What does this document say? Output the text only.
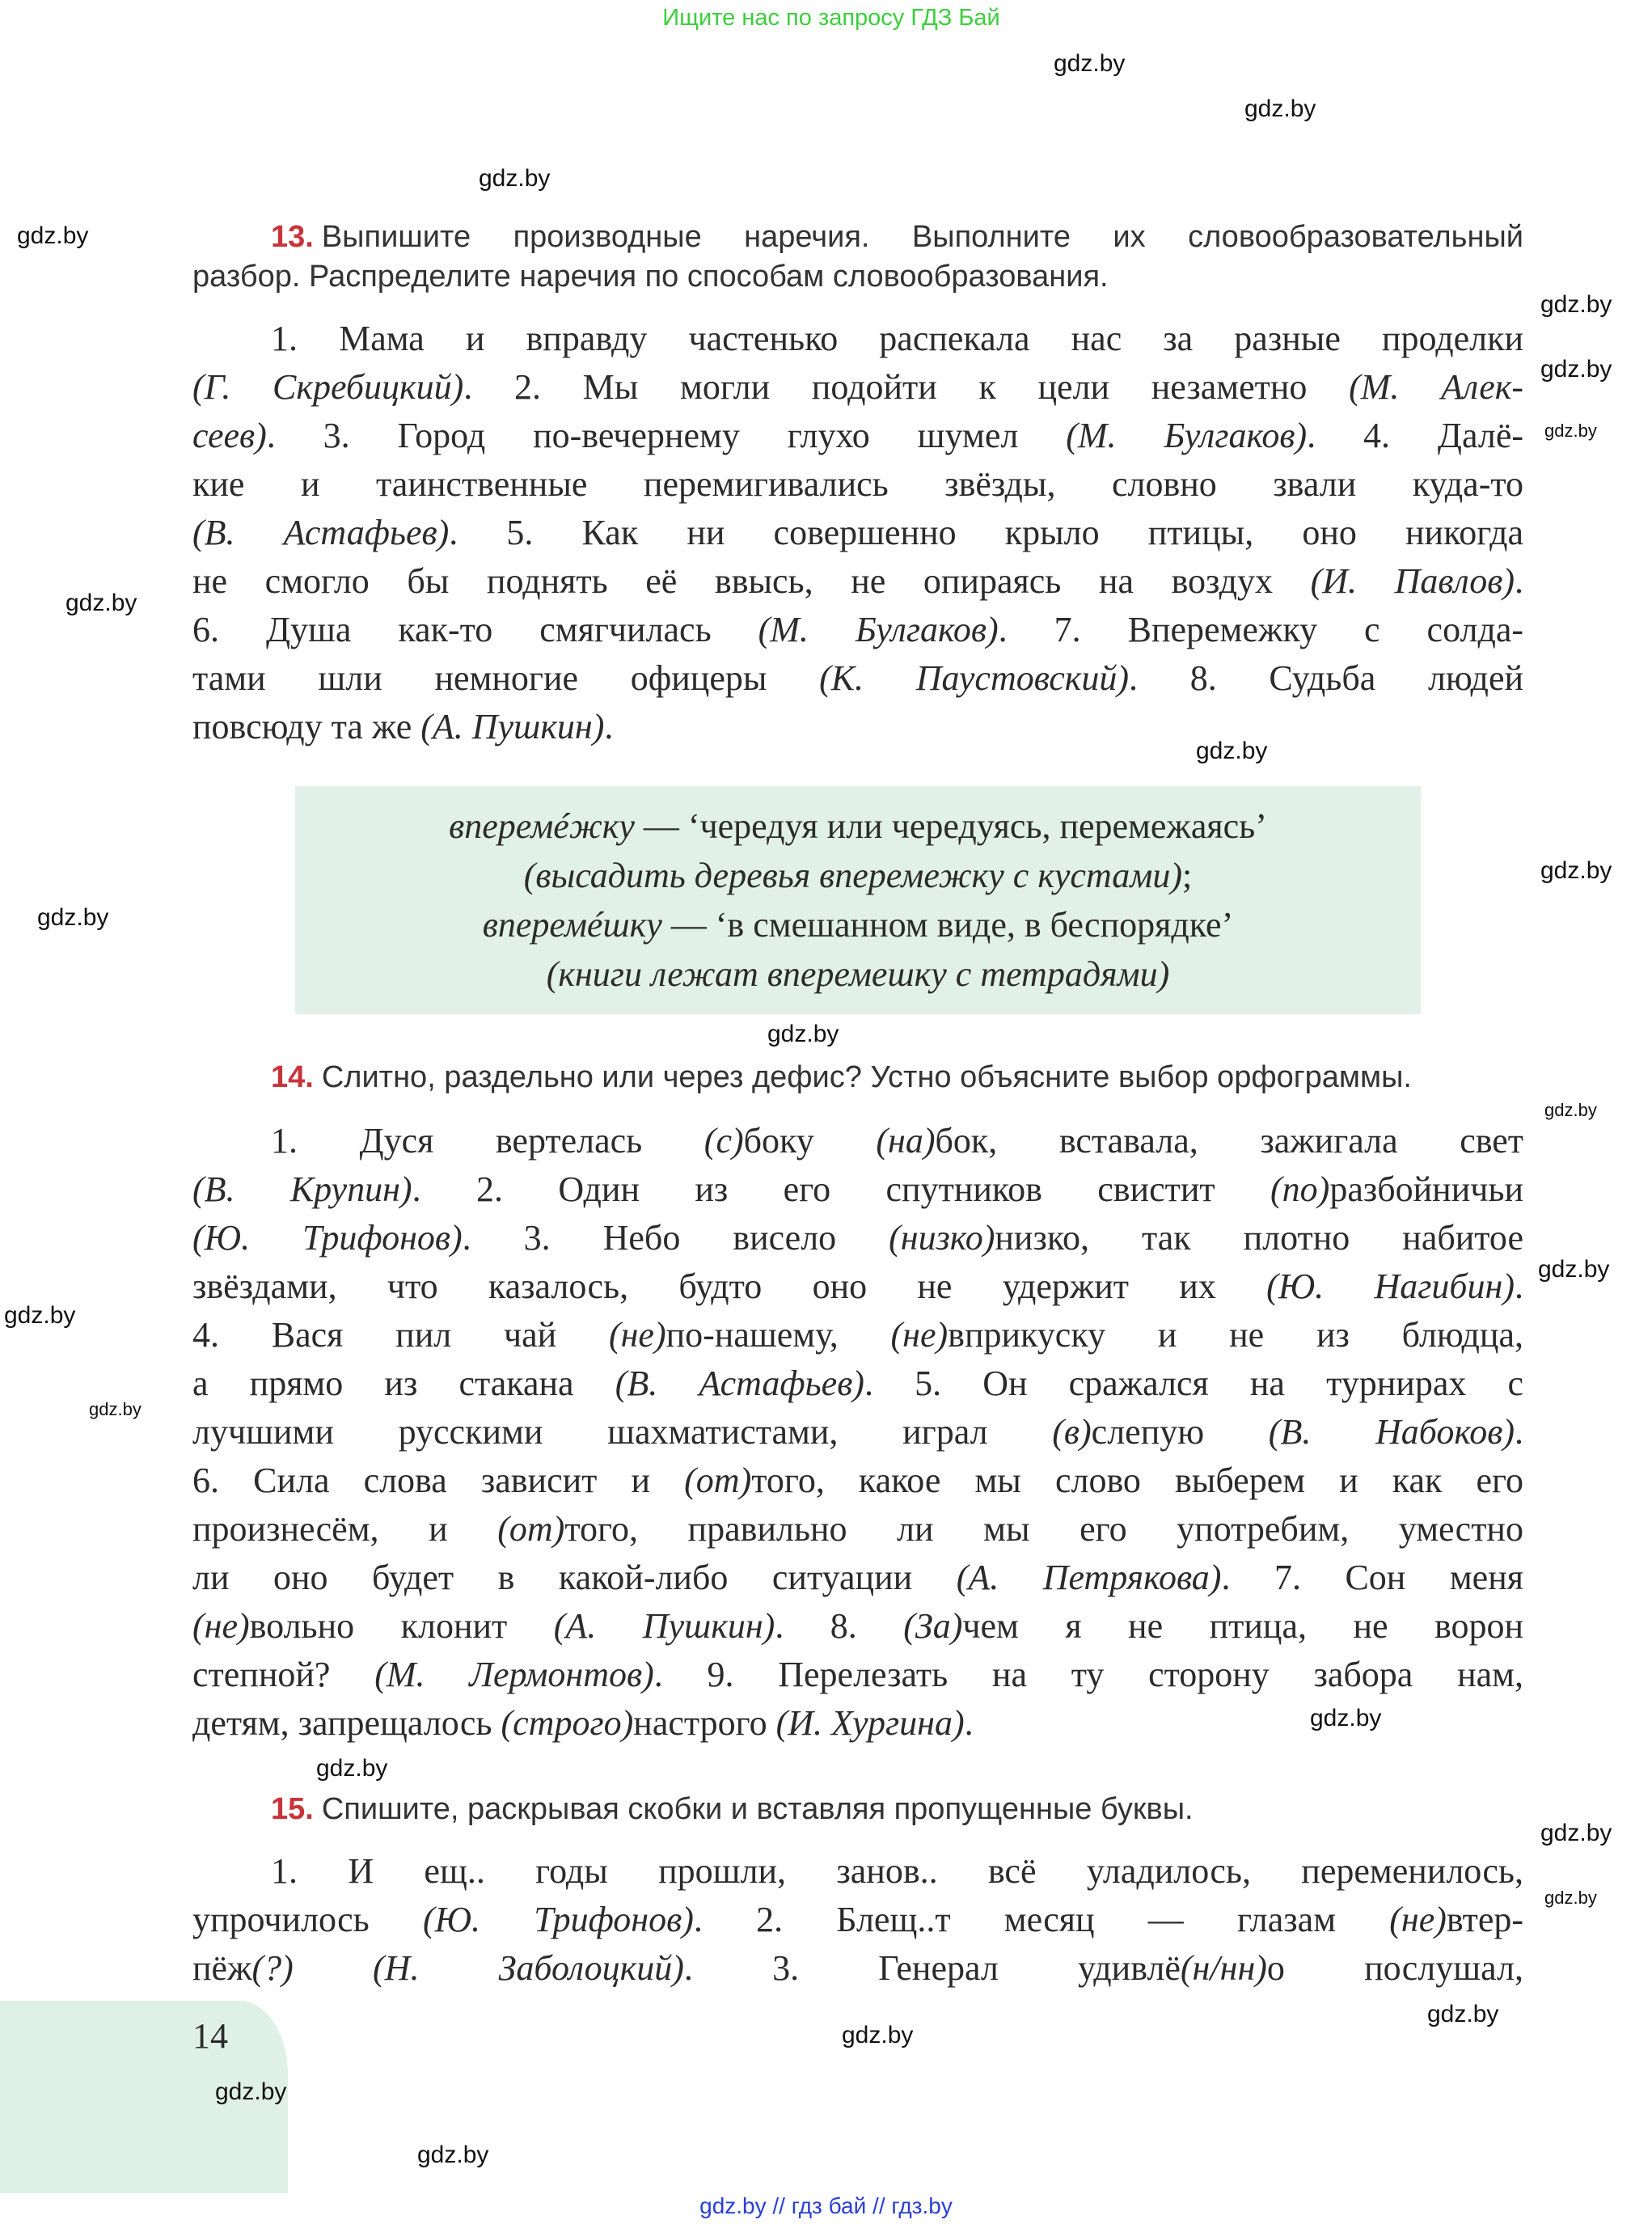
Ищите нас по запросу ГДЗ Бай
13. Выпишите производные наречия. Выполните их словообразовательный
разбор. Распределите наречия по способам словообразования.
1. Мама и вправду частенько распекала нас за разные проделки
(Г. Скребицкий). 2. Мы могли подойти к цели незаметно (М. Алек-
сеев). 3. Город по-вечернему глухо шумел (М. Булгаков). 4. Далё-
кие и таинственные перемигивались звёзды, словно звали куда-то
(В. Астафьев). 5. Как ни совершенно крыло птицы, оно никогда
не смогло бы поднять её ввысь, не опираясь на воздух (И. Павлов).
6. Душа как-то смягчилась (М. Булгаков). 7. Вперемежку с солда-
тами шли немногие офицеры (К. Паустовский). 8. Судьба людей
повсюду та же (А. Пушкин).
вперемéжку — ‘чередуя или чередуясь, перемежаясь’
(высадить деревья вперемежку с кустами);
вперемéшку — ‘в смешанном виде, в беспорядке’
(книги лежат вперемешку с тетрадями)
14. Слитно, раздельно или через дефис? Устно объясните выбор орфограммы.
1. Дуся вертелась (с)боку (на)бок, вставала, зажигала свет
(В. Крупин). 2. Один из его спутников свистит (по)разбойничьи
(Ю. Трифонов). 3. Небо висело (низко)низко, так плотно набитое
звёздами, что казалось, будто оно не удержит их (Ю. Нагибин).
4. Вася пил чай (не)по-нашему, (не)вприкуску и не из блюдца,
а прямо из стакана (В. Астафьев). 5. Он сражался на турнирах с
лучшими русскими шахматистами, играл (в)слепую (В. Набоков).
6. Сила слова зависит и (от)того, какое мы слово выберем и как его
произнесём, и (от)того, правильно ли мы его употребим, уместно
ли оно будет в какой-либо ситуации (А. Петрякова). 7. Сон меня
(не)вольно клонит (А. Пушкин). 8. (За)чем я не птица, не ворон
степной? (М. Лермонтов). 9. Перелезать на ту сторону забора нам,
детям, запрещалось (строго)настрого (И. Хургина).
15. Спишите, раскрывая скобки и вставляя пропущенные буквы.
1. И ещ.. годы прошли, занов.. всё уладилось, переменилось,
упрочилось (Ю. Трифонов). 2. Блещ..т месяц — глазам (не)втер-
пёж(?) (Н. Заболоцкий). 3. Генерал удивлё(н/нн)о послушал,
14
gdz.by
gdz.by
gdz.by
gdz.by
gdz.by
gdz.by
gdz.by
gdz.by
gdz.by
gdz.by
gdz.by
gdz.by
gdz.by
gdz.by
gdz.by
gdz.by
gdz.by
gdz.by
gdz.by
gdz.by
gdz.by
gdz.by
gdz.by
gdz.by
gdz.by // гдз бай // гдз.by
